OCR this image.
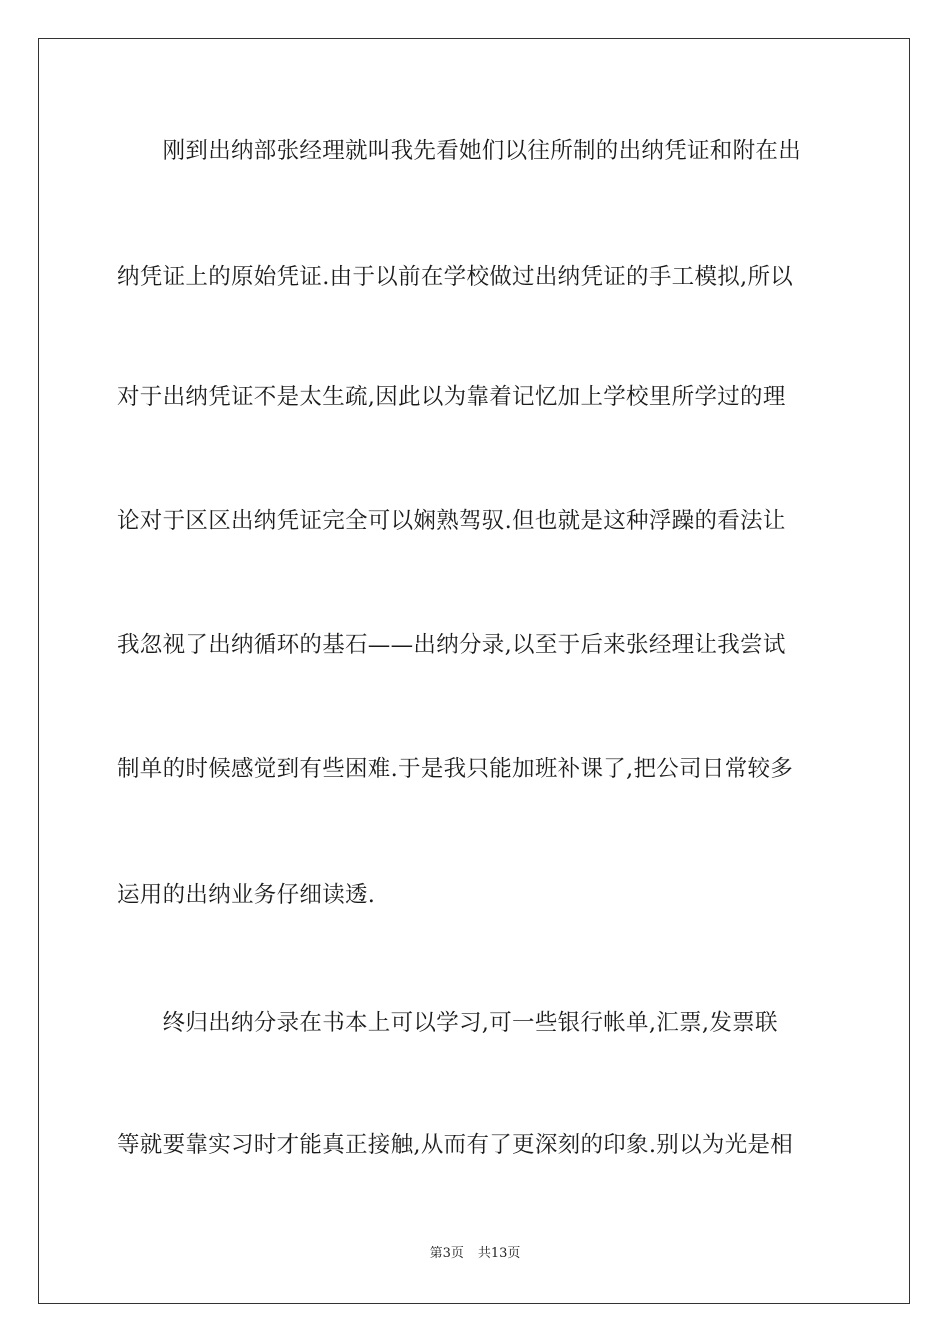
　　刚到出纳部张经理就叫我先看她们以往所制的出纳凭证和附在出
纳凭证上的原始凭证.由于以前在学校做过出纳凭证的手工模拟,所以
对于出纳凭证不是太生疏,因此以为靠着记忆加上学校里所学过的理
论对于区区出纳凭证完全可以娴熟驾驭.但也就是这种浮躁的看法让
我忽视了出纳循环的基石——出纳分录,以至于后来张经理让我尝试
制单的时候感觉到有些困难.于是我只能加班补课了,把公司日常较多
运用的出纳业务仔细读透.
　　终归出纳分录在书本上可以学习,可一些银行帐单,汇票,发票联
等就要靠实习时才能真正接触,从而有了更深刻的印象.别以为光是相
第3页 共13页
